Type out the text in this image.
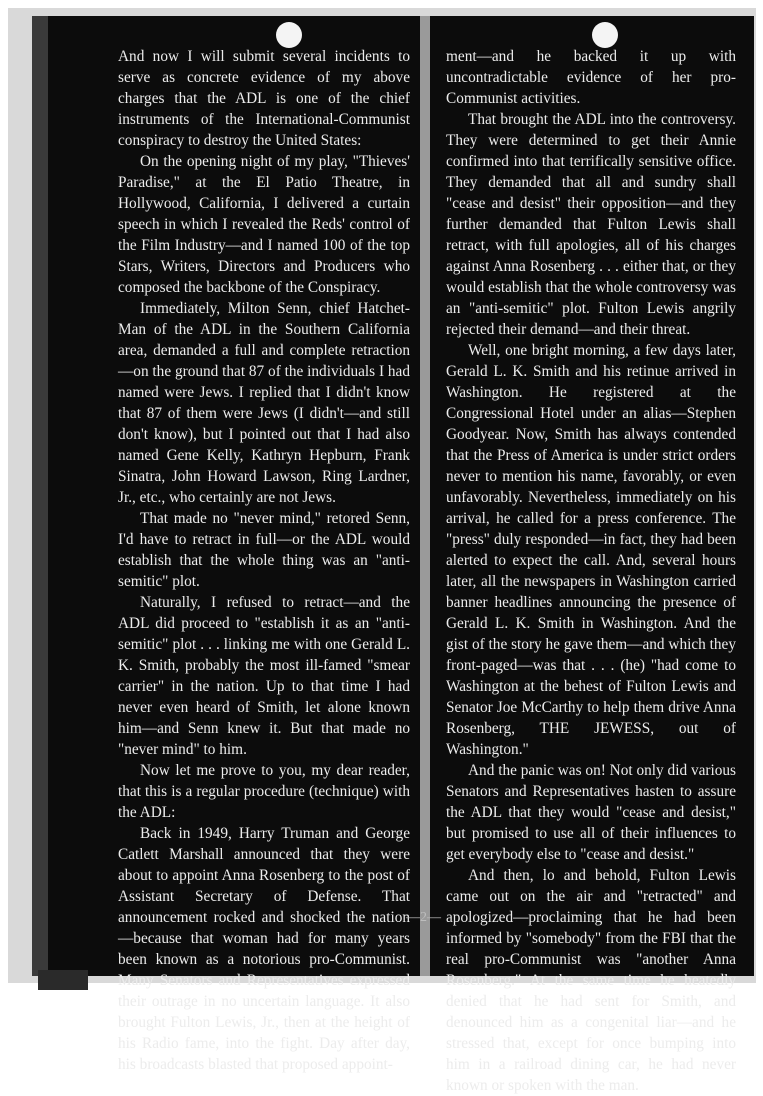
And now I will submit several incidents to serve as concrete evidence of my above charges that the ADL is one of the chief instruments of the International-Communist conspiracy to destroy the United States:

On the opening night of my play, "Thieves' Paradise," at the El Patio Theatre, in Hollywood, California, I delivered a curtain speech in which I revealed the Reds' control of the Film Industry—and I named 100 of the top Stars, Writers, Directors and Producers who composed the backbone of the Conspiracy.

Immediately, Milton Senn, chief Hatchet-Man of the ADL in the Southern California area, demanded a full and complete retraction—on the ground that 87 of the individuals I had named were Jews. I replied that I didn't know that 87 of them were Jews (I didn't—and still don't know), but I pointed out that I had also named Gene Kelly, Kathryn Hepburn, Frank Sinatra, John Howard Lawson, Ring Lardner, Jr., etc., who certainly are not Jews.

That made no "never mind," retored Senn, I'd have to retract in full—or the ADL would establish that the whole thing was an "anti-semitic" plot.

Naturally, I refused to retract—and the ADL did proceed to "establish it as an "anti-semitic" plot . . . linking me with one Gerald L. K. Smith, probably the most ill-famed "smear carrier" in the nation. Up to that time I had never even heard of Smith, let alone known him—and Senn knew it. But that made no "never mind" to him.

Now let me prove to you, my dear reader, that this is a regular procedure (technique) with the ADL:

Back in 1949, Harry Truman and George Catlett Marshall announced that they were about to appoint Anna Rosenberg to the post of Assistant Secretary of Defense. That announcement rocked and shocked the nation—because that woman had for many years been known as a notorious pro-Communist. Many Senators and Representatives expressed their outrage in no uncertain language. It also brought Fulton Lewis, Jr., then at the height of his Radio fame, into the fight. Day after day, his broadcasts blasted that proposed appoint-

ment—and he backed it up with uncontradictable evidence of her pro-Communist activities.

That brought the ADL into the controversy. They were determined to get their Annie confirmed into that terrifically sensitive office. They demanded that all and sundry shall "cease and desist" their opposition—and they further demanded that Fulton Lewis shall retract, with full apologies, all of his charges against Anna Rosenberg . . . either that, or they would establish that the whole controversy was an "anti-semitic" plot. Fulton Lewis angrily rejected their demand—and their threat.

Well, one bright morning, a few days later, Gerald L. K. Smith and his retinue arrived in Washington. He registered at the Congressional Hotel under an alias—Stephen Goodyear. Now, Smith has always contended that the Press of America is under strict orders never to mention his name, favorably, or even unfavorably. Nevertheless, immediately on his arrival, he called for a press conference. The "press" duly responded—in fact, they had been alerted to expect the call. And, several hours later, all the newspapers in Washington carried banner headlines announcing the presence of Gerald L. K. Smith in Washington. And the gist of the story he gave them—and which they front-paged—was that . . . (he) "had come to Washington at the behest of Fulton Lewis and Senator Joe McCarthy to help them drive Anna Rosenberg, THE JEWESS, out of Washington."

And the panic was on! Not only did various Senators and Representatives hasten to assure the ADL that they would "cease and desist," but promised to use all of their influences to get everybody else to "cease and desist."

And then, lo and behold, Fulton Lewis came out on the air and "retracted" and apologized—proclaiming that he had been informed by "somebody" from the FBI that the real pro-Communist was "another Anna Rosenberg." At the same time he heatedly denied that he had sent for Smith, and denounced him as a congenital liar—and he stressed that, except for once bumping into him in a railroad dining car, he had never known or spoken with the man.

—2—
